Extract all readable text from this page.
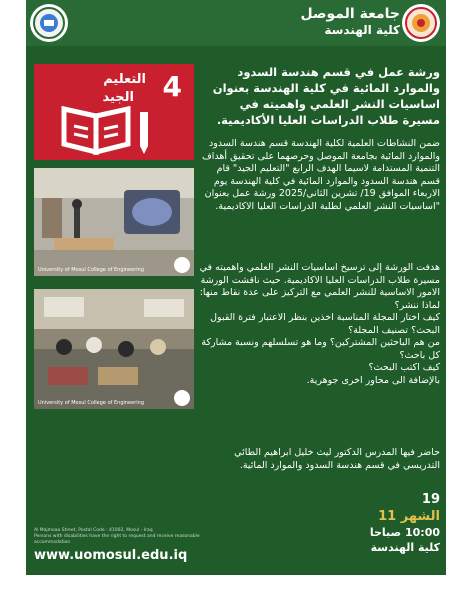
جامعة الموصل
كلية الهندسة
ورشة عمل في قسم هندسة السدود والموارد المائية في كلية الهندسة بعنوان اساسيات النشر العلمي واهميته في مسيرة طلاب الدراسات العليا الأكاديمية.
4
التعليم
الجيد
University of Mosul College of Engineering
University of Mosul College of Engineering
ضمن النشاطات العلمية لكلية الهندسة قسم هندسة السدود والموارد المائية بجامعة الموصل وحرصهما على تحقيق أهداف التنمية المستدامة لاسيما الهدف الرابع "التعليم الجيد" قام قسم هندسة السدود والموارد المائية في كلية الهندسة يوم الاربعاء الموافق 19/ تشرين الثاني/2025 ورشة عمل بعنوان "اساسيات النشر العلمي لطلبة الدراسات العليا الاكاديمية.
هدفت الورشة إلى ترسيخ اساسيات النشر العلمي واهميته في مسيرة طلاب الدراسات العليا الاكاديمية. حيث ناقشت الورشة الامور الاساسية للنشر العلمي مع التركيز على عدة نقاط منها:
لماذا ننشر؟
كيف اختار المجلة المناسبة اخذين بنظر الاعتبار فترة القبول البحث؟ تصنيف المجلة؟
من هم الباحثين المشتركين؟ وما هو تسلسلهم ونسبة مشاركة كل باحث؟
كيف اكتب البحث؟
بالإضافة الى محاور اخرى جوهرية.
حاضر فيها المدرس الدكتور ليث خليل ابراهيم الطائي التدريسي في قسم هندسة السدود والموارد المائية.
19
الشهر 11
10:00 صباحا
كلية الهندسة
Al Majmoaa Street, Postal Code : 41002, Mosul - Iraq
Persons with disabilities have the right to request and receive reasonable accommodation
www.uomosul.edu.iq
